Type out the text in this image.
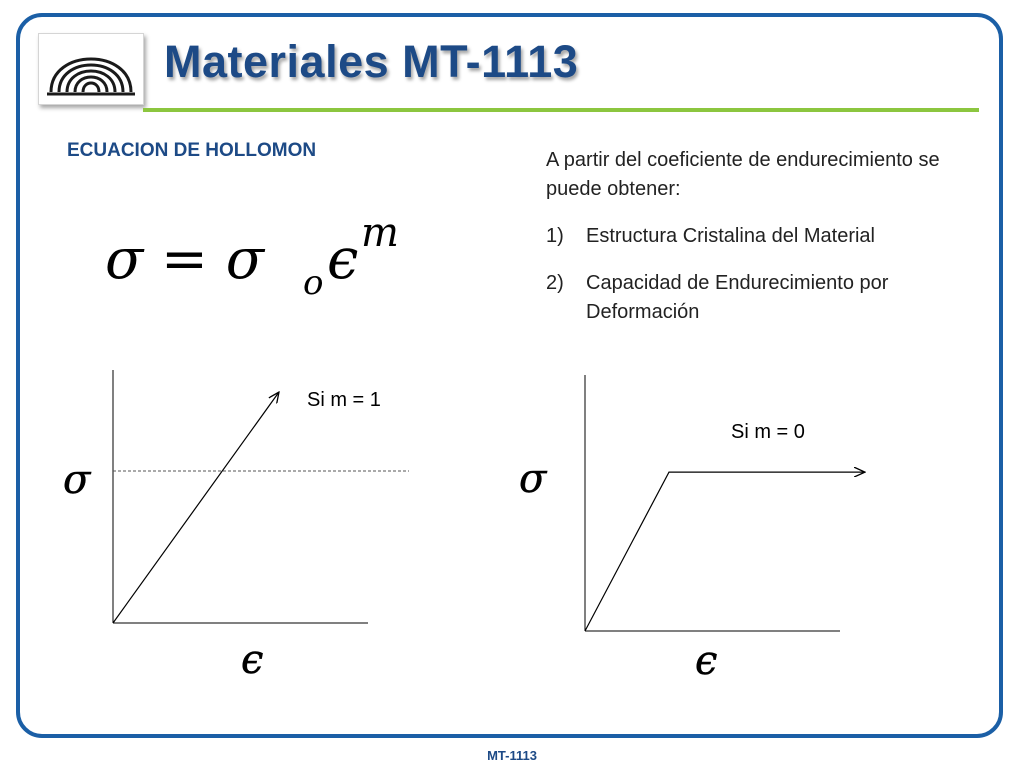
Materiales MT-1113
ECUACION DE HOLLOMON
σ = σ o ϵ m

A partir del coeficiente de endurecimiento se puede obtener:

1) Estructura Cristalina del Material

2) Capacidad de Endurecimiento por Deformación

Si m = 1
σ
ϵ
Si m = 0
σ
ϵ
MT-1113
